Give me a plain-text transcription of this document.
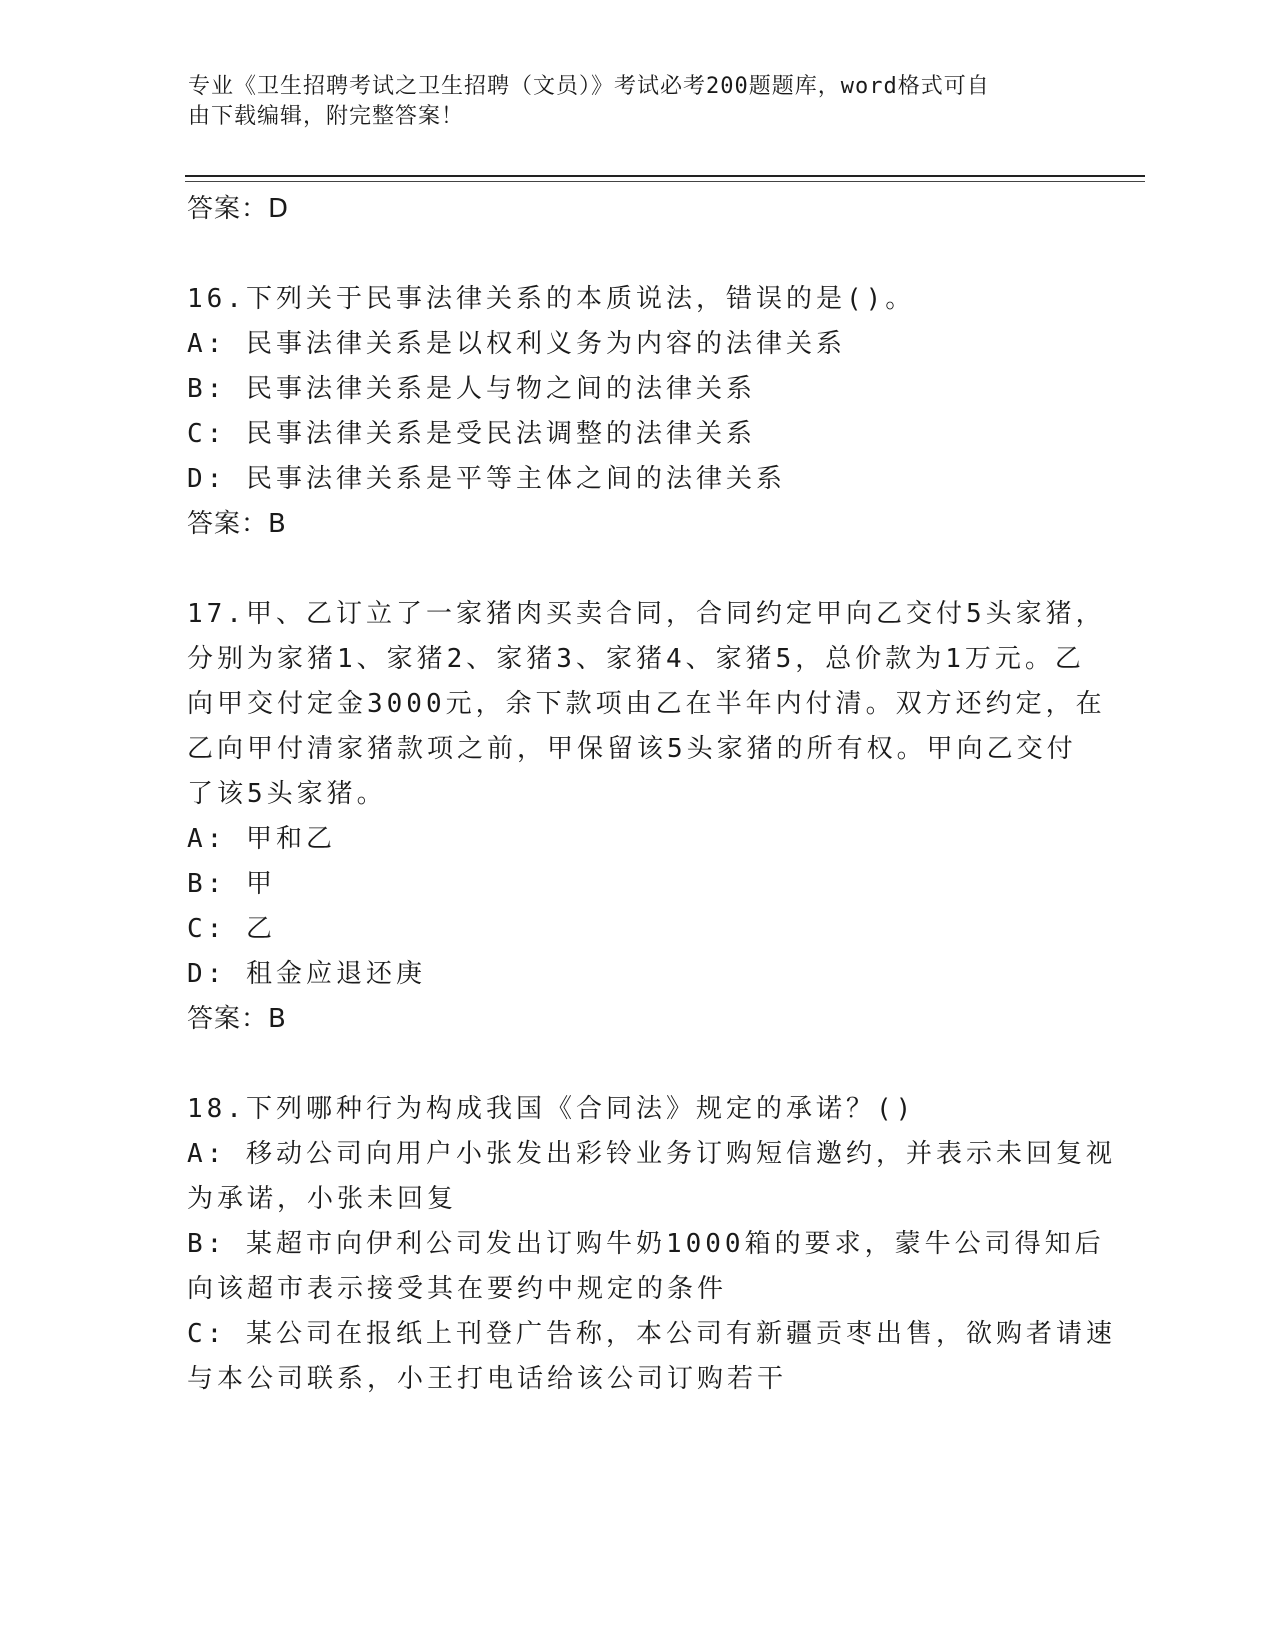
专业《卫生招聘考试之卫生招聘（文员）》考试必考200题题库，word格式可自
由下载编辑，附完整答案！
答案：D
16.下列关于民事法律关系的本质说法，错误的是()。
A: 民事法律关系是以权利义务为内容的法律关系
B: 民事法律关系是人与物之间的法律关系
C: 民事法律关系是受民法调整的法律关系
D: 民事法律关系是平等主体之间的法律关系
答案：B
17.甲、乙订立了一家猪肉买卖合同，合同约定甲向乙交付5头家猪，
分别为家猪1、家猪2、家猪3、家猪4、家猪5，总价款为1万元。乙
向甲交付定金3000元，余下款项由乙在半年内付清。双方还约定，在
乙向甲付清家猪款项之前，甲保留该5头家猪的所有权。甲向乙交付
了该5头家猪。
A: 甲和乙
B: 甲
C: 乙
D: 租金应退还庚
答案：B
18.下列哪种行为构成我国《合同法》规定的承诺？()
A: 移动公司向用户小张发出彩铃业务订购短信邀约，并表示未回复视
为承诺，小张未回复
B: 某超市向伊利公司发出订购牛奶1000箱的要求，蒙牛公司得知后
向该超市表示接受其在要约中规定的条件
C: 某公司在报纸上刊登广告称，本公司有新疆贡枣出售，欲购者请速
与本公司联系，小王打电话给该公司订购若干
